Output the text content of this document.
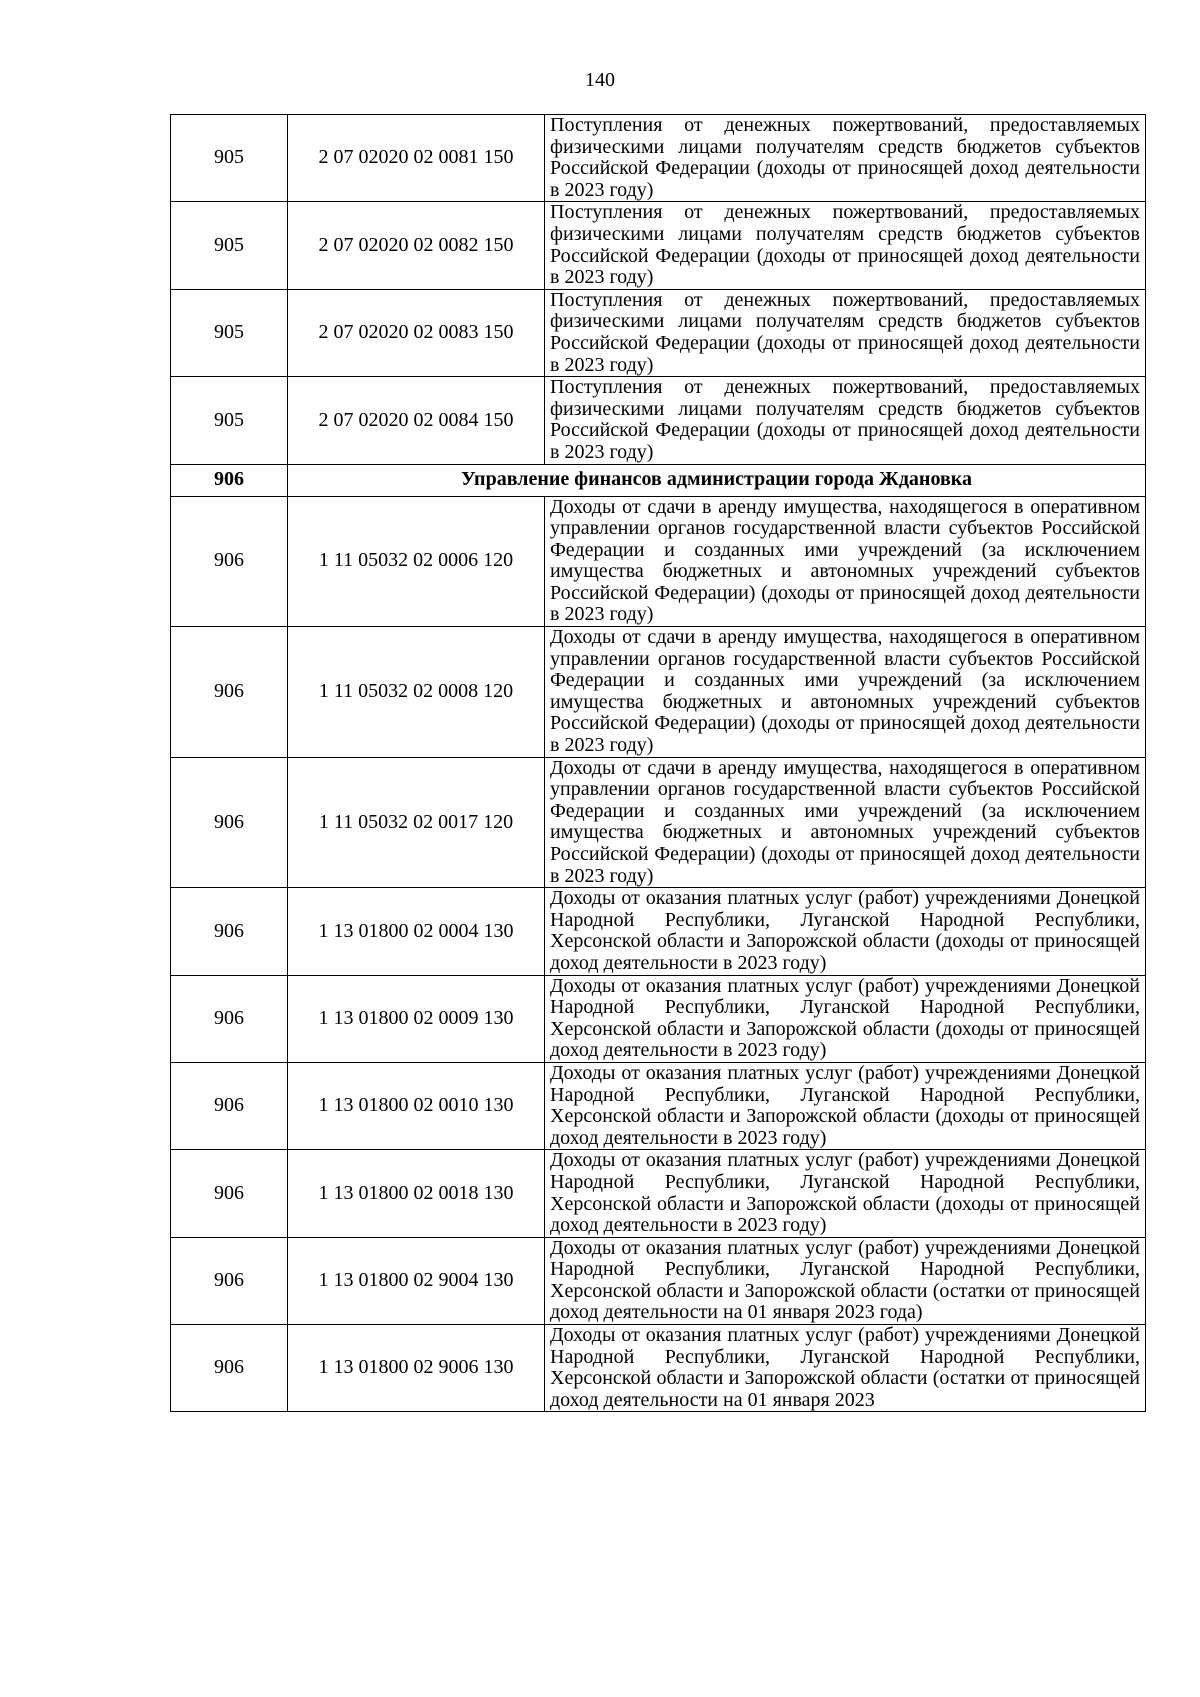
140
905	2 07 02020 02 0081 150	Поступления от денежных пожертвований, предоставляемых физическими лицами получателям средств бюджетов субъектов Российской Федерации (доходы от приносящей доход деятельности в 2023 году)
905	2 07 02020 02 0082 150	Поступления от денежных пожертвований, предоставляемых физическими лицами получателям средств бюджетов субъектов Российской Федерации (доходы от приносящей доход деятельности в 2023 году)
905	2 07 02020 02 0083 150	Поступления от денежных пожертвований, предоставляемых физическими лицами получателям средств бюджетов субъектов Российской Федерации (доходы от приносящей доход деятельности в 2023 году)
905	2 07 02020 02 0084 150	Поступления от денежных пожертвований, предоставляемых физическими лицами получателям средств бюджетов субъектов Российской Федерации (доходы от приносящей доход деятельности в 2023 году)
906	Управление финансов администрации города Ждановка	
906	1 11 05032 02 0006 120	Доходы от сдачи в аренду имущества, находящегося в оперативном управлении органов государственной власти субъектов Российской Федерации и созданных ими учреждений (за исключением имущества бюджетных и автономных учреждений субъектов Российской Федерации) (доходы от приносящей доход деятельности в 2023 году)
906	1 11 05032 02 0008 120	Доходы от сдачи в аренду имущества, находящегося в оперативном управлении органов государственной власти субъектов Российской Федерации и созданных ими учреждений (за исключением имущества бюджетных и автономных учреждений субъектов Российской Федерации) (доходы от приносящей доход деятельности в 2023 году)
906	1 11 05032 02 0017 120	Доходы от сдачи в аренду имущества, находящегося в оперативном управлении органов государственной власти субъектов Российской Федерации и созданных ими учреждений (за исключением имущества бюджетных и автономных учреждений субъектов Российской Федерации) (доходы от приносящей доход деятельности в 2023 году)
906	1 13 01800 02 0004 130	Доходы от оказания платных услуг (работ) учреждениями Донецкой Народной Республики, Луганской Народной Республики, Херсонской области и Запорожской области (доходы от приносящей доход деятельности в 2023 году)
906	1 13 01800 02 0009 130	Доходы от оказания платных услуг (работ) учреждениями Донецкой Народной Республики, Луганской Народной Республики, Херсонской области и Запорожской области (доходы от приносящей доход деятельности в 2023 году)
906	1 13 01800 02 0010 130	Доходы от оказания платных услуг (работ) учреждениями Донецкой Народной Республики, Луганской Народной Республики, Херсонской области и Запорожской области (доходы от приносящей доход деятельности в 2023 году)
906	1 13 01800 02 0018 130	Доходы от оказания платных услуг (работ) учреждениями Донецкой Народной Республики, Луганской Народной Республики, Херсонской области и Запорожской области (доходы от приносящей доход деятельности в 2023 году)
906	1 13 01800 02 9004 130	Доходы от оказания платных услуг (работ) учреждениями Донецкой Народной Республики, Луганской Народной Республики, Херсонской области и Запорожской области (остатки от приносящей доход деятельности на 01 января 2023 года)
906	1 13 01800 02 9006 130	Доходы от оказания платных услуг (работ) учреждениями Донецкой Народной Республики, Луганской Народной Республики, Херсонской области и Запорожской области (остатки от приносящей доход деятельности на 01 января 2023
